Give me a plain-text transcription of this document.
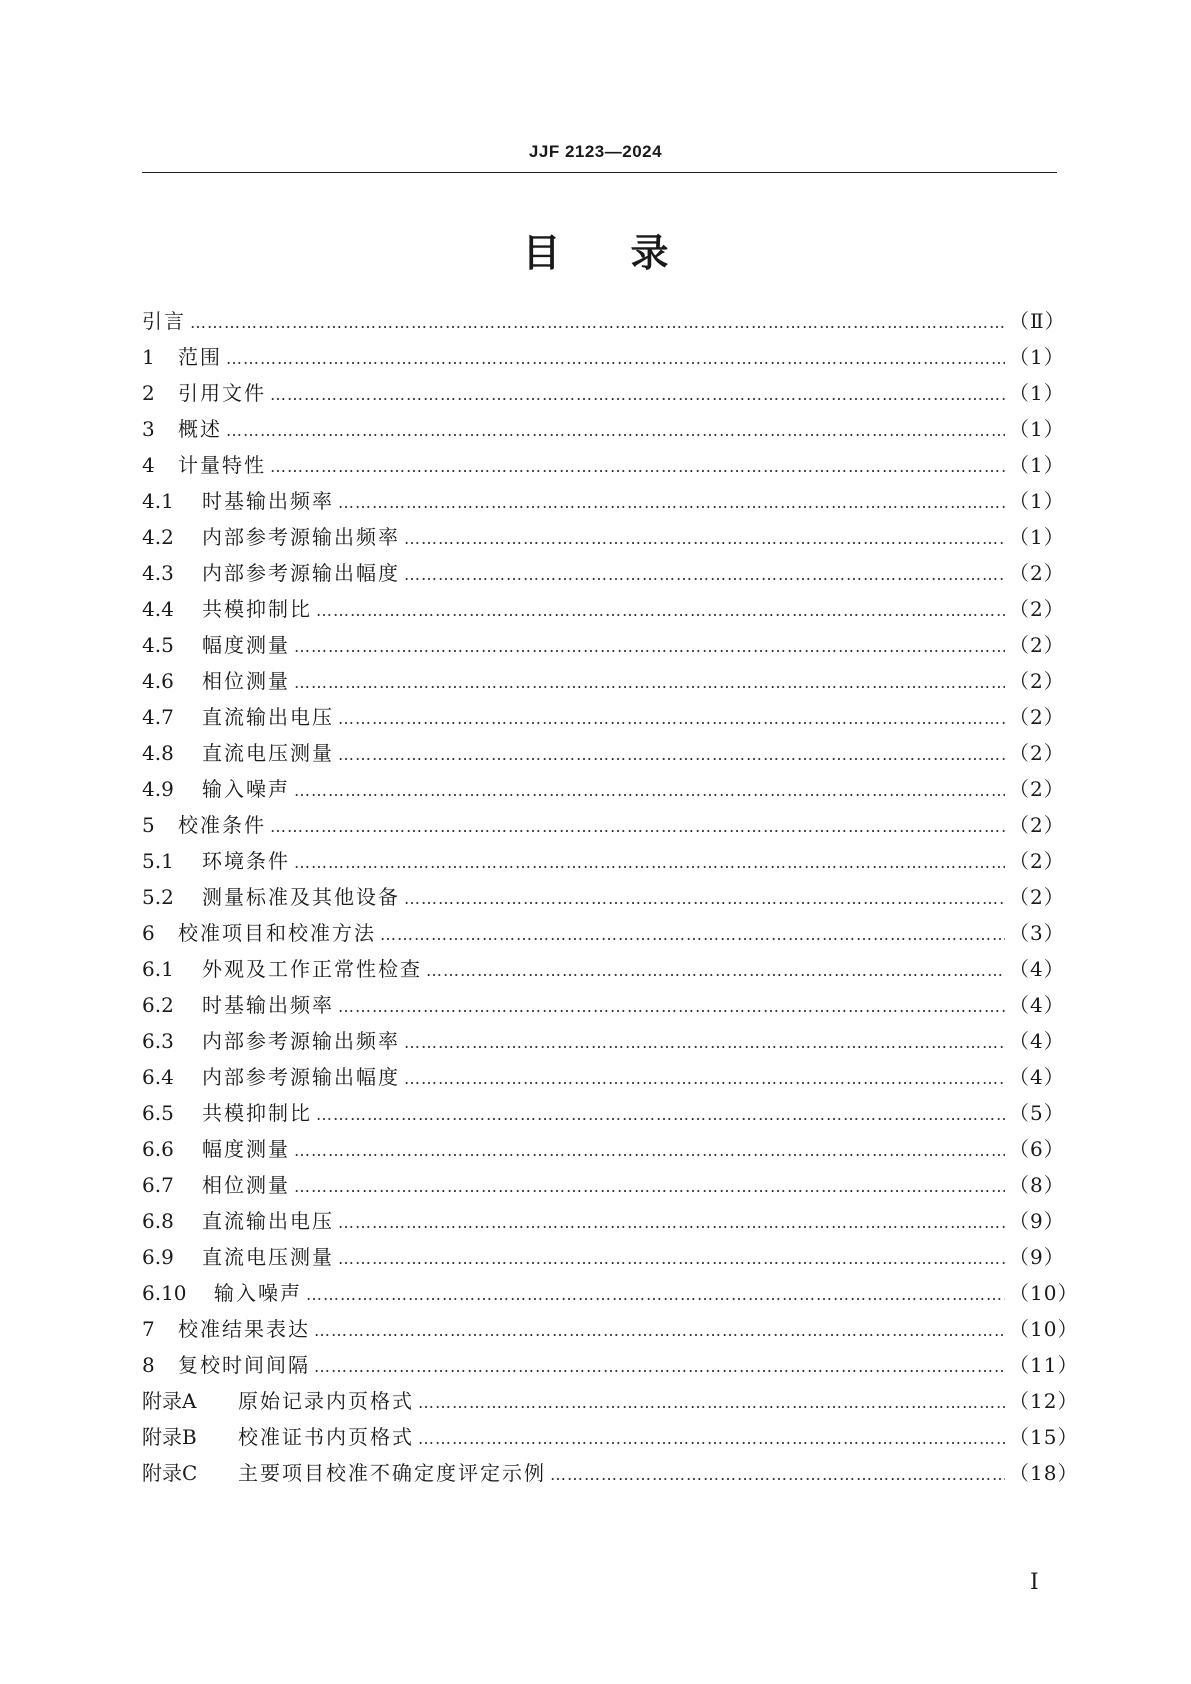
JJF 2123—2024
目录
引言 ………………………………………………………………………………………………………………………………………………………………………………	（Ⅱ）
1	范围 ………………………………………………………………………………………………………………………………………………………………………………	（1）
2	引用文件 ………………………………………………………………………………………………………………………………………………………………………………	（1）
3	概述 ………………………………………………………………………………………………………………………………………………………………………………	（1）
4	计量特性 ………………………………………………………………………………………………………………………………………………………………………………	（1）
4.1	时基输出频率 ………………………………………………………………………………………………………………………………………………………………………………	（1）
4.2	内部参考源输出频率 ………………………………………………………………………………………………………………………………………………………………………………	（1）
4.3	内部参考源输出幅度 ………………………………………………………………………………………………………………………………………………………………………………	（2）
4.4	共模抑制比 ………………………………………………………………………………………………………………………………………………………………………………	（2）
4.5	幅度测量 ………………………………………………………………………………………………………………………………………………………………………………	（2）
4.6	相位测量 ………………………………………………………………………………………………………………………………………………………………………………	（2）
4.7	直流输出电压 ………………………………………………………………………………………………………………………………………………………………………………	（2）
4.8	直流电压测量 ………………………………………………………………………………………………………………………………………………………………………………	（2）
4.9	输入噪声 ………………………………………………………………………………………………………………………………………………………………………………	（2）
5	校准条件 ………………………………………………………………………………………………………………………………………………………………………………	（2）
5.1	环境条件 ………………………………………………………………………………………………………………………………………………………………………………	（2）
5.2	测量标准及其他设备 ………………………………………………………………………………………………………………………………………………………………………………	（2）
6	校准项目和校准方法 ………………………………………………………………………………………………………………………………………………………………………………	（3）
6.1	外观及工作正常性检查 ………………………………………………………………………………………………………………………………………………………………………………	（4）
6.2	时基输出频率 ………………………………………………………………………………………………………………………………………………………………………………	（4）
6.3	内部参考源输出频率 ………………………………………………………………………………………………………………………………………………………………………………	（4）
6.4	内部参考源输出幅度 ………………………………………………………………………………………………………………………………………………………………………………	（4）
6.5	共模抑制比 ………………………………………………………………………………………………………………………………………………………………………………	（5）
6.6	幅度测量 ………………………………………………………………………………………………………………………………………………………………………………	（6）
6.7	相位测量 ………………………………………………………………………………………………………………………………………………………………………………	（8）
6.8	直流输出电压 ………………………………………………………………………………………………………………………………………………………………………………	（9）
6.9	直流电压测量 ………………………………………………………………………………………………………………………………………………………………………………	（9）
6.10	输入噪声 ………………………………………………………………………………………………………………………………………………………………………………	（10）
7	校准结果表达 ………………………………………………………………………………………………………………………………………………………………………………	（10）
8	复校时间间隔 ………………………………………………………………………………………………………………………………………………………………………………	（11）
附录A	原始记录内页格式 ………………………………………………………………………………………………………………………………………………………………………………	（12）
附录B	校准证书内页格式 ………………………………………………………………………………………………………………………………………………………………………………	（15）
附录C	主要项目校准不确定度评定示例 ………………………………………………………………………………………………………………………………………………………………………………	（18）
Ⅰ
